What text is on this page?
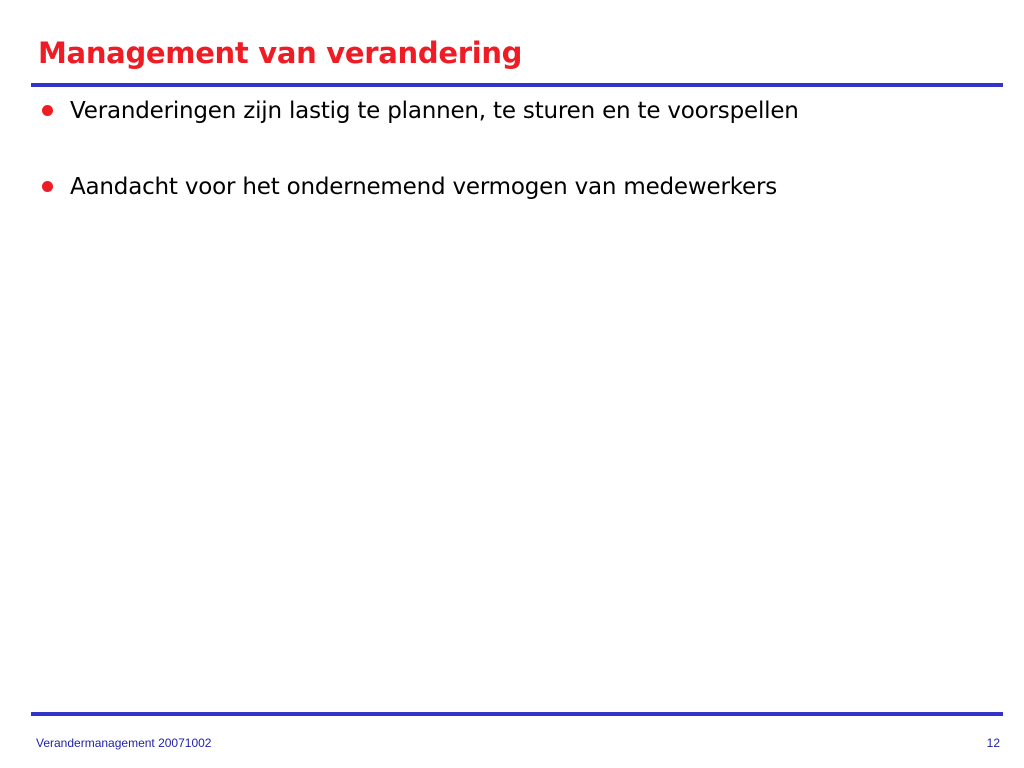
Management van verandering
Veranderingen zijn lastig te plannen, te sturen en te voorspellen
Aandacht voor het ondernemend vermogen van medewerkers
Verandermanagement 20071002	12
